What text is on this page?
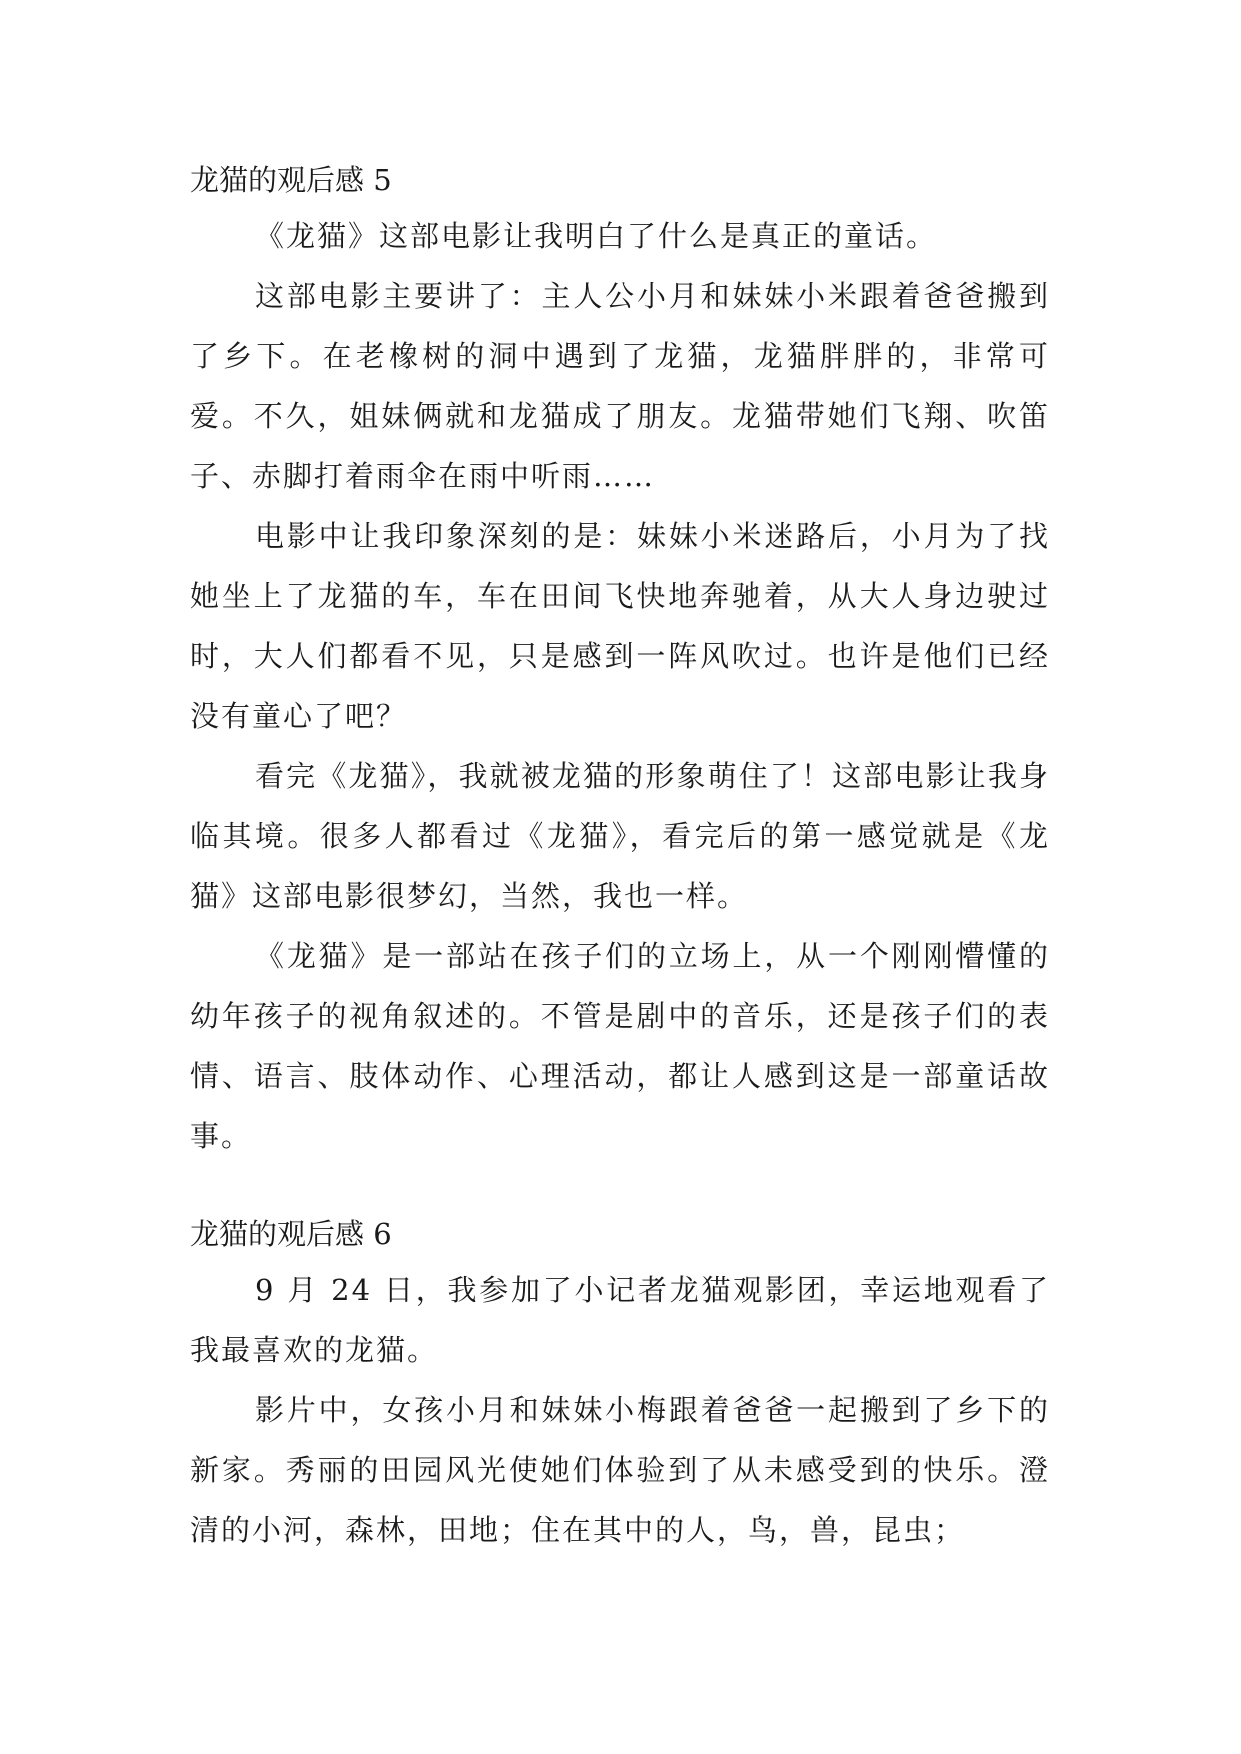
龙猫的观后感 5

《龙猫》这部电影让我明白了什么是真正的童话。

这部电影主要讲了：主人公小月和妹妹小米跟着爸爸搬到了乡下。在老橡树的洞中遇到了龙猫，龙猫胖胖的，非常可爱。不久，姐妹俩就和龙猫成了朋友。龙猫带她们飞翔、吹笛子、赤脚打着雨伞在雨中听雨……

电影中让我印象深刻的是：妹妹小米迷路后，小月为了找她坐上了龙猫的车，车在田间飞快地奔驰着，从大人身边驶过时，大人们都看不见，只是感到一阵风吹过。也许是他们已经没有童心了吧？

看完《龙猫》，我就被龙猫的形象萌住了！这部电影让我身临其境。很多人都看过《龙猫》，看完后的第一感觉就是《龙猫》这部电影很梦幻，当然，我也一样。

《龙猫》是一部站在孩子们的立场上，从一个刚刚懵懂的幼年孩子的视角叙述的。不管是剧中的音乐，还是孩子们的表情、语言、肢体动作、心理活动，都让人感到这是一部童话故事。

龙猫的观后感 6

9 月 24 日，我参加了小记者龙猫观影团，幸运地观看了我最喜欢的龙猫。

影片中，女孩小月和妹妹小梅跟着爸爸一起搬到了乡下的新家。秀丽的田园风光使她们体验到了从未感受到的快乐。澄清的小河，森林，田地；住在其中的人，鸟，兽，昆虫；
